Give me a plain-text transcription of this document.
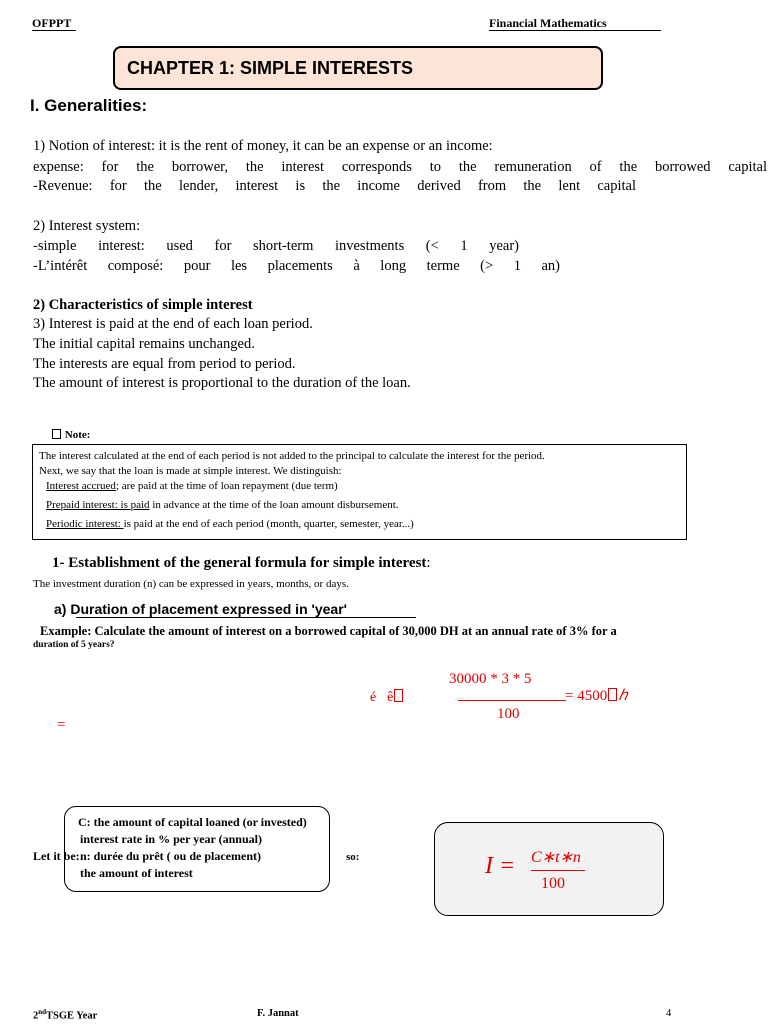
OFPPT	Financial Mathematics
CHAPTER 1: SIMPLE INTERESTS
I. Generalities:
1) Notion of interest: it is the rent of money, it can be an expense or an income:
expense: for the borrower, the interest corresponds to the remuneration of the borrowed capital
-Revenue: for the lender, interest is the income derived from the lent capital
2) Interest system:
-simple interest: used for short-term investments (< 1 year)
-L’intérêt composé: pour les placements à long terme (> 1 an)
2) Characteristics of simple interest
3) Interest is paid at the end of each loan period.
The initial capital remains unchanged.
The interests are equal from period to period.
The amount of interest is proportional to the duration of the loan.
Note:
The interest calculated at the end of each period is not added to the principal to calculate the interest for the period.
Next, we say that the loan is made at simple interest. We distinguish:
Interest accrued; are paid at the time of loan repayment (due term)
Prepaid interest: is paid in advance at the time of the loan amount disbursement.
Periodic interest: is paid at the end of each period (month, quarter, semester, year...)
1- Establishment of the general formula for simple interest:
The investment duration (n) can be expressed in years, months, or days.
a) Duration of placement expressed in 'year'
Example: Calculate the amount of interest on a borrowed capital of 30,000 DH at an annual rate of 3% for a
duration of 5 years?
é􀵌ê
30000 * 3 * 5
100
= 4500 ℎ
=
Let it be:
C: the amount of capital loaned (or invested)
interest rate in % per year (annual)
n: durée du prêt ( ou de placement)
the amount of interest
so:	I = C∗t∗n
100
2ndTSGE Year	F. Jannat	4
